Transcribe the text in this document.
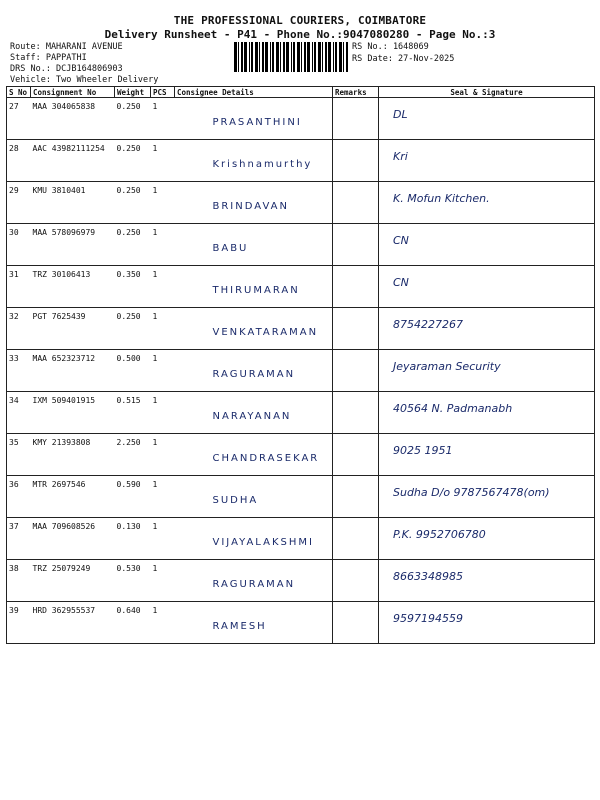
THE PROFESSIONAL COURIERS, COIMBATORE
Delivery Runsheet - P41 - Phone No.:9047080280 - Page No.:3
Route: MAHARANI AVENUE
Staff: PAPPATHI
DRS No.: DCJB164806903
Vehicle: Two Wheeler Delivery
RS No.: 1648069
RS Date: 27-Nov-2025
S No	Consignment No	Weight	PCS	Consignee Details	Remarks	Seal & Signature
27	MAA 304065838	0.250	1	PRASANTHINI		DL

28	AAC 43982111254	0.250	1	Krishnamurthy		Kri

29	KMU 3810401	0.250	1	BRINDAVAN		K. Mofun Kitchen.

30	MAA 578096979	0.250	1	BABU		CN

31	TRZ 30106413	0.350	1	THIRUMARAN		CN

32	PGT 7625439	0.250	1	VENKATARAMAN		8754227267

33	MAA 652323712	0.500	1	RAGURAMAN		Jeyaraman Security

34	IXM 509401915	0.515	1	NARAYANAN		40564 N. Padmanabh

35	KMY 21393808	2.250	1	CHANDRASEKAR		9025 1951

36	MTR 2697546	0.590	1	SUDHA		Sudha D/o 9787567478(om)

37	MAA 709608526	0.130	1	VIJAYALAKSHMI		P.K. 9952706780

38	TRZ 25079249	0.530	1	RAGURAMAN		8663348985

39	HRD 362955537	0.640	1	RAMESH		9597194559
